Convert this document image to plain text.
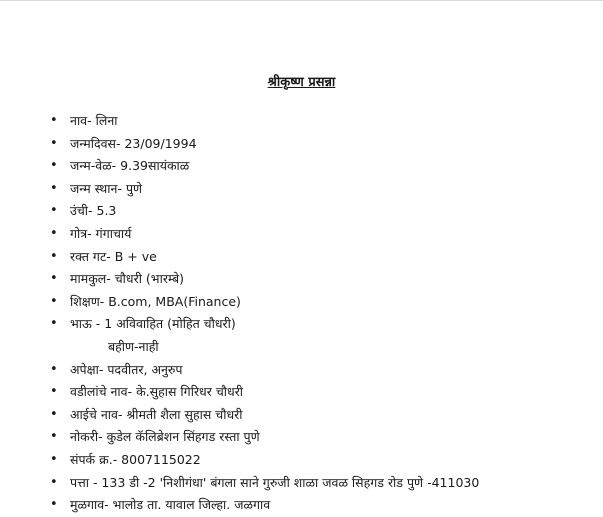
श्रीकृष्ण प्रसन्ना
• नाव- लिना
• जन्मदिवस- 23/09/1994
• जन्म-वेळ- 9.39सायंकाळ
• जन्म स्थान- पुणे
• उंची- 5.3
• गोत्र- गंगाचार्य
• रक्त गट- B + ve
• मामकुल- चौधरी (भारम्बे)
• शिक्षण- B.com, MBA(Finance)
• भाऊ - 1 अविवाहित (मोहित चौधरी)
बहीण-नाही
• अपेक्षा- पदवीतर, अनुरुप
• वडीलांचे नाव- के.सुहास गिरिधर चौधरी
• आईचे नाव- श्रीमती शैला सुहास चौधरी
• नोकरी- कुडेल कॅलिब्रेशन सिंहगड रस्ता पुणे
• संपर्क क्र.- 8007115022
• पत्ता - 133 डी -2 'निशीगंधा' बंगला साने गुरुजी शाळा जवळ सिहगड रोड पुणे -411030
• मुळगाव- भालोड ता. यावाल जिल्हा. जळगाव
